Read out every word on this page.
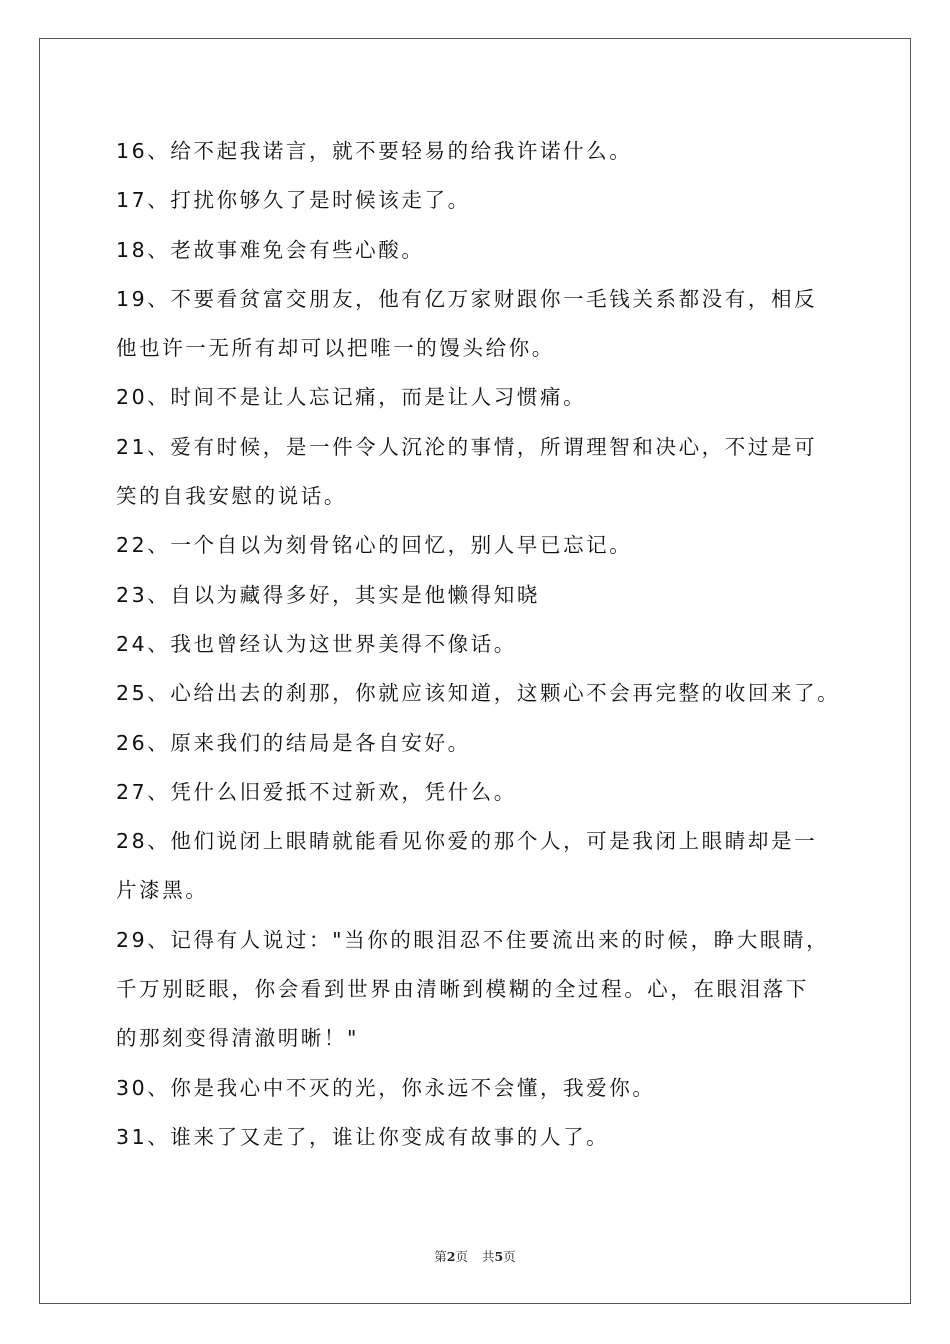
16、给不起我诺言，就不要轻易的给我许诺什么。
17、打扰你够久了是时候该走了。
18、老故事难免会有些心酸。
19、不要看贫富交朋友，他有亿万家财跟你一毛钱关系都没有，相反
他也许一无所有却可以把唯一的馒头给你。
20、时间不是让人忘记痛，而是让人习惯痛。
21、爱有时候，是一件令人沉沦的事情，所谓理智和决心，不过是可
笑的自我安慰的说话。
22、一个自以为刻骨铭心的回忆，别人早已忘记。
23、自以为藏得多好，其实是他懒得知晓
24、我也曾经认为这世界美得不像话。
25、心给出去的刹那，你就应该知道，这颗心不会再完整的收回来了。
26、原来我们的结局是各自安好。
27、凭什么旧爱抵不过新欢，凭什么。
28、他们说闭上眼睛就能看见你爱的那个人，可是我闭上眼睛却是一
片漆黑。
29、记得有人说过："当你的眼泪忍不住要流出来的时候，睁大眼睛，
千万别眨眼，你会看到世界由清晰到模糊的全过程。心，在眼泪落下
的那刻变得清澈明晰！"
30、你是我心中不灭的光，你永远不会懂，我爱你。
31、谁来了又走了，谁让你变成有故事的人了。
第2页 共5页
